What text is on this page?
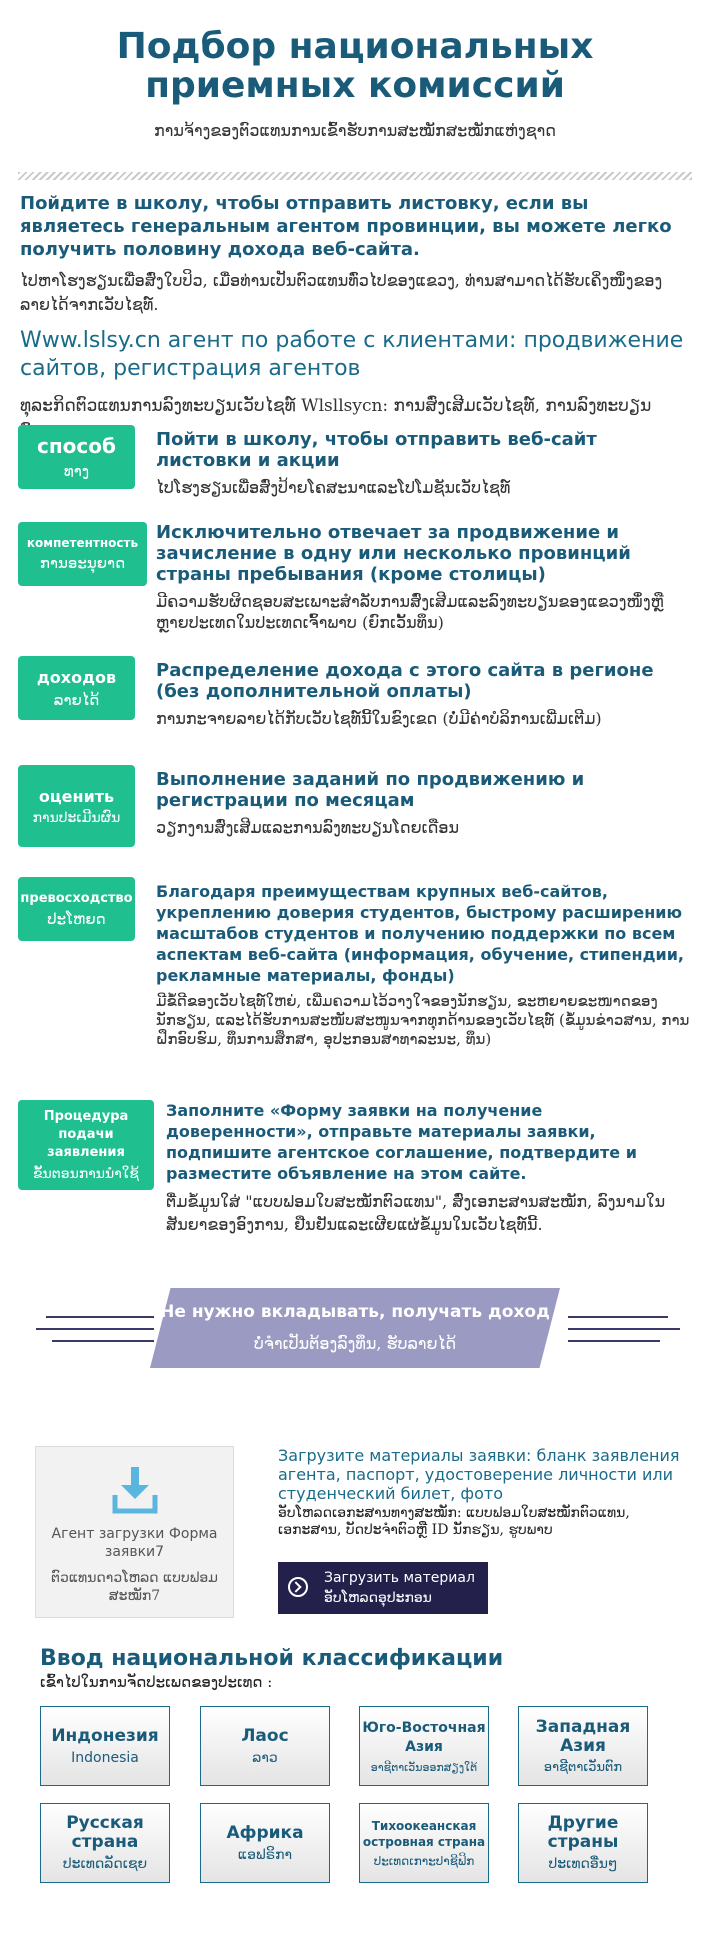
Подбор национальных приемных комиссий
ການຈ້າງຂອງຕົວແທນການເຂົ້າຮັບການສະໝັກສະໝັກແຫ່ງຊາດ
Пойдите в школу, чтобы отправить листовку, если вы являетесь генеральным агентом провинции, вы можете легко получить половину дохода веб-сайта.
ໄປຫາໂຮງຮຽນເພື່ອສົ່ງໃບປິວ, ເມື່ອທ່ານເປັນຕົວແທນທົ່ວໄປຂອງແຂວງ, ທ່ານສາມາດໄດ້ຮັບເຄິ່ງໜຶ່ງຂອງລາຍໄດ້ຈາກເວັບໄຊທ໌.
Www.lslsy.cn агент по работе с клиентами: продвижение сайтов, регистрация агентов
ທຸລະກິດຕົວແທນການລົງທະບຽນເວັບໄຊທ໌ Wlsllsycn: ການສົ່ງເສີມເວັບໄຊທ໌, ການລົງທະບຽນ
способ
ທາງ
Пойти в школу, чтобы отправить веб-сайт листовки и акции
ໄປໂຮງຮຽນເພື່ອສົ່ງປ້າຍໂຄສະນາແລະໂປໂມຊັນເວັບໄຊທ໌
компетентность
ການອະນຸຍາດ
Исключительно отвечает за продвижение и зачисление в одну или несколько провинций страны пребывания (кроме столицы)
ມີຄວາມຮັບຜິດຊອບສະເພາະສໍາລັບການສົ່ງເສີມແລະລົງທະບຽນຂອງແຂວງໜຶ່ງຫຼືຫຼາຍປະເທດໃນປະເທດເຈົ້າພາບ (ຍົກເວັ້ນທຶນ)
доходов
ລາຍໄດ້
Распределение дохода с этого сайта в регионе (без дополнительной оплаты)
ການກະຈາຍລາຍໄດ້ກັບເວັບໄຊທ໌ນີ້ໃນຂົງເຂດ (ບໍ່ມີຄ່າບໍລິການເພີ່ມເຕີມ)
оценить
ການປະເມີນຜົນ
Выполнение заданий по продвижению и регистрации по месяцам
ວຽກງານສົ່ງເສີມແລະການລົງທະບຽນໂດຍເດືອນ
превосходство
ປະໂຫຍດ
Благодаря преимуществам крупных веб-сайтов, укреплению доверия студентов, быстрому расширению масштабов студентов и получению поддержки по всем аспектам веб-сайта (информация, обучение, стипендии, рекламные материалы, фонды)
ມີຂໍ້ດີຂອງເວັບໄຊທ໌ໃຫຍ່, ເພີ່ມຄວາມໄວ້ວາງໃຈຂອງນັກຮຽນ, ຂະຫຍາຍຂະໜາດຂອງນັກຮຽນ, ແລະໄດ້ຮັບການສະໜັບສະໜູນຈາກທຸກດ້ານຂອງເວັບໄຊທ໌ (ຂໍ້ມູນຂ່າວສານ, ການຝຶກອົບຮົມ, ທຶນການສຶກສາ, ອຸປະກອນສາທາລະນະ, ທຶນ)
Процедура подачи заявления
ຂັ້ນຕອນການນໍາໃຊ້
Заполните «Форму заявки на получение доверенности», отправьте материалы заявки, подпишите агентское соглашение, подтвердите и разместите объявление на этом сайте.
ຕື່ມຂໍ້ມູນໃສ່ "ແບບຟອມໃບສະໝັກຕົວແທນ", ສົ່ງເອກະສານສະໝັກ, ລົງນາມໃນສັນຍາຂອງອົງການ, ຢືນຢັນແລະເຜີຍແຜ່ຂໍ້ມູນໃນເວັບໄຊທ໌ນີ້.
Не нужно вкладывать, получать доход
ບໍ່ຈໍາເປັນຕ້ອງລົງທຶນ, ຮັບລາຍໄດ້
Агент загрузки Форма заявки7
ຕົວແທນດາວໂຫລດ ແບບຟອມສະໝັກ7
Загрузите материалы заявки: бланк заявления агента, паспорт, удостоверение личности или студенческий билет, фото
ອັບໂຫລດເອກະສານທາງສະໝັກ: ແບບຟອມໃບສະໝັກຕົວແທນ, ເອກະສານ, ບັດປະຈໍາຕົວຫຼື ID ນັກຮຽນ, ຮູບພາບ
Загрузить материал
ອັບໂຫລດອຸປະກອນ
Ввод национальной классификации
ເຂົ້າໄປໃນການຈັດປະເພດຂອງປະເທດ :
Индонезия
Indonesia
Лаос
ລາວ
Юго-Восточная Азия
ອາຊີຕາເວັນອອກສຽງໃຕ້
Западная Азия
ອາຊີຕາເວັນຕົກ
Русская страна
ປະເທດລັດເຊຍ
Африка
ແອຟຣິກາ
Тихоокеанская островная страна
ປະເທດເກາະປາຊີຟິກ
Другие страны
ປະເທດອື່ນໆ
